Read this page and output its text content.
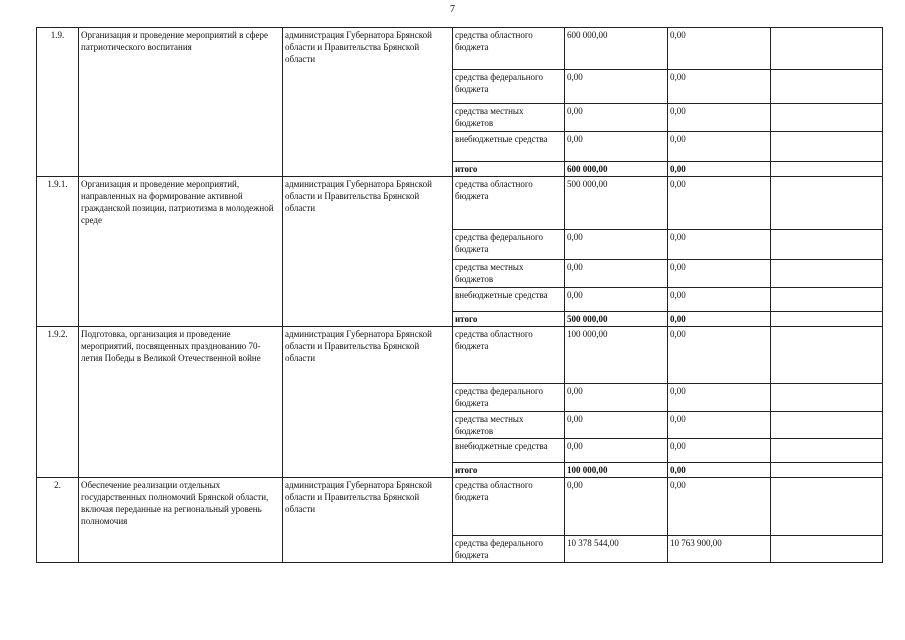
7
1.9.	Организация и проведение мероприятий в сфере патриотического воспитания	администрация Губернатора Брянской области и Правительства Брянской области	средства областного бюджета	600 000,00	0,00		
			средства федерального бюджета	0,00	0,00		
			средства местных бюджетов	0,00	0,00		
			внебюджетные средства	0,00	0,00		
			итого	600 000,00	0,00		
1.9.1.	Организация и проведение мероприятий, направленных на формирование активной гражданской позиции, патриотизма в молодежной среде	администрация Губернатора Брянской области и Правительства Брянской области	средства областного бюджета	500 000,00	0,00		
			средства федерального бюджета	0,00	0,00		
			средства местных бюджетов	0,00	0,00		
			внебюджетные средства	0,00	0,00		
			итого	500 000,00	0,00		
1.9.2.	Подготовка, организация и проведение мероприятий, посвященных празднованию 70-летия Победы в Великой Отечественной войне	администрация Губернатора Брянской области и Правительства Брянской области	средства областного бюджета	100 000,00	0,00		
			средства федерального бюджета	0,00	0,00		
			средства местных бюджетов	0,00	0,00		
			внебюджетные средства	0,00	0,00		
			итого	100 000,00	0,00		
2.	Обеспечение реализации отдельных государственных полномочий Брянской области, включая переданные на региональный уровень полномочия	администрация Губернатора Брянской области и Правительства Брянской области	средства областного бюджета	0,00	0,00		
			средства федерального бюджета	10 378 544,00	10 763 900,00		
